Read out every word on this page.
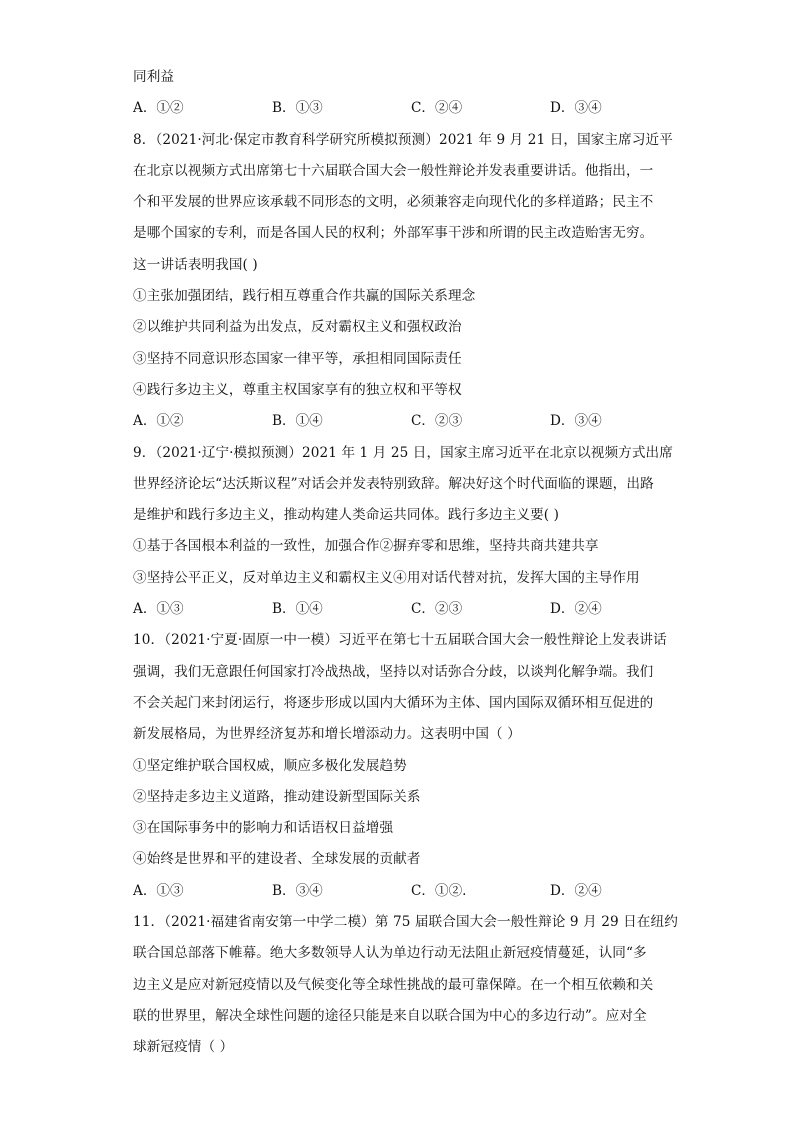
同利益
A．①②	B．①③	C．②④	D．③④
8．（2021·河北·保定市教育科学研究所模拟预测）2021 年 9 月 21 日，国家主席习近平
在北京以视频方式出席第七十六届联合国大会一般性辩论并发表重要讲话。他指出，一
个和平发展的世界应该承载不同形态的文明，必须兼容走向现代化的多样道路；民主不
是哪个国家的专利，而是各国人民的权利；外部军事干涉和所谓的民主改造贻害无穷。
这一讲话表明我国( )
①主张加强团结，践行相互尊重合作共赢的国际关系理念
②以维护共同利益为出发点，反对霸权主义和强权政治
③坚持不同意识形态国家一律平等，承担相同国际责任
④践行多边主义，尊重主权国家享有的独立权和平等权
A．①②	B．①④	C．②③	D．③④
9．（2021·辽宁·模拟预测）2021 年 1 月 25 日，国家主席习近平在北京以视频方式出席
世界经济论坛“达沃斯议程”对话会并发表特别致辞。解决好这个时代面临的课题，出路
是维护和践行多边主义，推动构建人类命运共同体。践行多边主义要( )
①基于各国根本利益的一致性，加强合作②摒弃零和思维，坚持共商共建共享
③坚持公平正义，反对单边主义和霸权主义④用对话代替对抗，发挥大国的主导作用
A．①③	B．①④	C．②③	D．②④
10．（2021·宁夏·固原一中一模）习近平在第七十五届联合国大会一般性辩论上发表讲话
强调，我们无意跟任何国家打冷战热战，坚持以对话弥合分歧，以谈判化解争端。我们
不会关起门来封闭运行，将逐步形成以国内大循环为主体、国内国际双循环相互促进的
新发展格局，为世界经济复苏和增长增添动力。这表明中国（ ）
①坚定维护联合国权威，顺应多极化发展趋势
②坚持走多边主义道路，推动建设新型国际关系
③在国际事务中的影响力和话语权日益增强
④始终是世界和平的建设者、全球发展的贡献者
A．①③	B．③④	C．①②.	D．②④
11．（2021·福建省南安第一中学二模）第 75 届联合国大会一般性辩论 9 月 29 日在纽约
联合国总部落下帷幕。绝大多数领导人认为单边行动无法阻止新冠疫情蔓延，认同“多
边主义是应对新冠疫情以及气候变化等全球性挑战的最可靠保障。在一个相互依赖和关
联的世界里，解决全球性问题的途径只能是来自以联合国为中心的多边行动”。应对全
球新冠疫情（ ）
